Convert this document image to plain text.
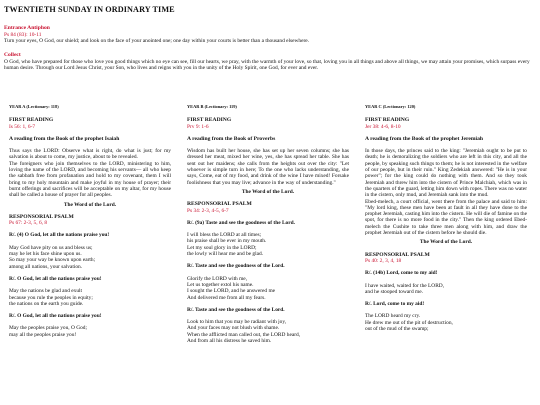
TWENTIETH SUNDAY IN ORDINARY TIME
Entrance Antiphon
Ps 84 (83): 10-11
Turn your eyes, O God, our shield; and look on the face of your anointed one; one day within your courts is better than a thousand elsewhere.
Collect
O God, who have prepared for those who love you good things which no eye can see, fill our hearts, we pray, with the warmth of your love, so that, loving you in all things and above all things, we may attain your promises, which surpass every human desire. Through our Lord Jesus Christ, your Son, who lives and reigns with you in the unity of the Holy Spirit, one God, for ever and ever.
YEAR A (Lectionary: 118)
FIRST READING
Is 56: 1, 6-7
A reading from the Book of the prophet Isaiah

Thus says the LORD: Observe what is right, do what is just; for my salvation is about to come, my justice, about to be revealed.

The foreigners who join themselves to the LORD, ministering to him, loving the name of the LORD, and becoming his servants— all who keep the sabbath free from profanation and hold to my covenant, them I will bring to my holy mountain and make joyful in my house of prayer; their burnt offerings and sacrifices will be acceptable on my altar, for my house shall be called a house of prayer for all peoples.

The Word of the Lord.
RESPONSORIAL PSALM
Ps 67: 2-3, 5, 6, 8
R/. (4) O God, let all the nations praise you!
May God have pity on us and bless us;
may he let his face shine upon us.
So may your way be known upon earth;
among all nations, your salvation.
R/. O God, let all the nations praise you!
May the nations be glad and exult
because you rule the peoples in equity;
the nations on the earth you guide.
R/. O God, let all the nations praise you!
May the peoples praise you, O God;
may all the peoples praise you!
YEAR B (Lectionary: 119)
FIRST READING
Prv 9: 1-6
A reading from the Book of Proverbs

Wisdom has built her house, she has set up her seven columns; she has dressed her meat, mixed her wine, yes, she has spread her table. She has sent out her maidens; she calls from the heights out over the city: "Let whoever is simple turn in here; To the one who lacks understanding, she says, Come, eat of my food, and drink of the wine I have mixed! Forsake foolishness that you may live; advance in the way of understanding."

The Word of the Lord.
RESPONSORIAL PSALM
Ps 34: 2-3, 4-5, 6-7
R/. (9a) Taste and see the goodness of the Lord.
I will bless the LORD at all times;
his praise shall be ever in my mouth.
Let my soul glory in the LORD;
the lowly will hear me and be glad.
R/. Taste and see the goodness of the Lord.
Glorify the LORD with me,
Let us together extol his name.
I sought the LORD, and he answered me
And delivered me from all my fears.
R/. Taste and see the goodness of the Lord.
Look to him that you may be radiant with joy,
And your faces may not blush with shame.
When the afflicted man called out, the LORD heard,
And from all his distress he saved him.
YEAR C (Lectionary: 120)
FIRST READING
Jer 38: 4-6, 8-10
A reading from the Book of the prophet Jeremiah

In those days, the princes said to the king: "Jeremiah ought to be put to death; he is demoralizing the soldiers who are left in this city, and all the people, by speaking such things to them; he is not interested in the welfare of our people, but in their ruin." King Zedekiah answered: "He is in your power"; for the king could do nothing with them. And so they took Jeremiah and threw him into the cistern of Prince Malchiah, which was in the quarters of the guard, letting him down with ropes. There was no water in the cistern, only mud, and Jeremiah sank into the mud.

Ebed-melech, a court official, went there from the palace and said to him: "My lord king, these men have been at fault in all they have done to the prophet Jeremiah, casting him into the cistern. He will die of famine on the spot, for there is no more food in the city." Then the king ordered Ebed-melech the Cushite to take three men along with him, and draw the prophet Jeremiah out of the cistern before he should die.

The Word of the Lord.
RESPONSORIAL PSALM
Ps 40: 2, 3, 4, 18
R/. (14b) Lord, come to my aid!
I have waited, waited for the LORD,
and he stooped toward me.
R/. Lord, come to my aid!
The LORD heard my cry.
He drew me out of the pit of destruction,
out of the mud of the swamp;
